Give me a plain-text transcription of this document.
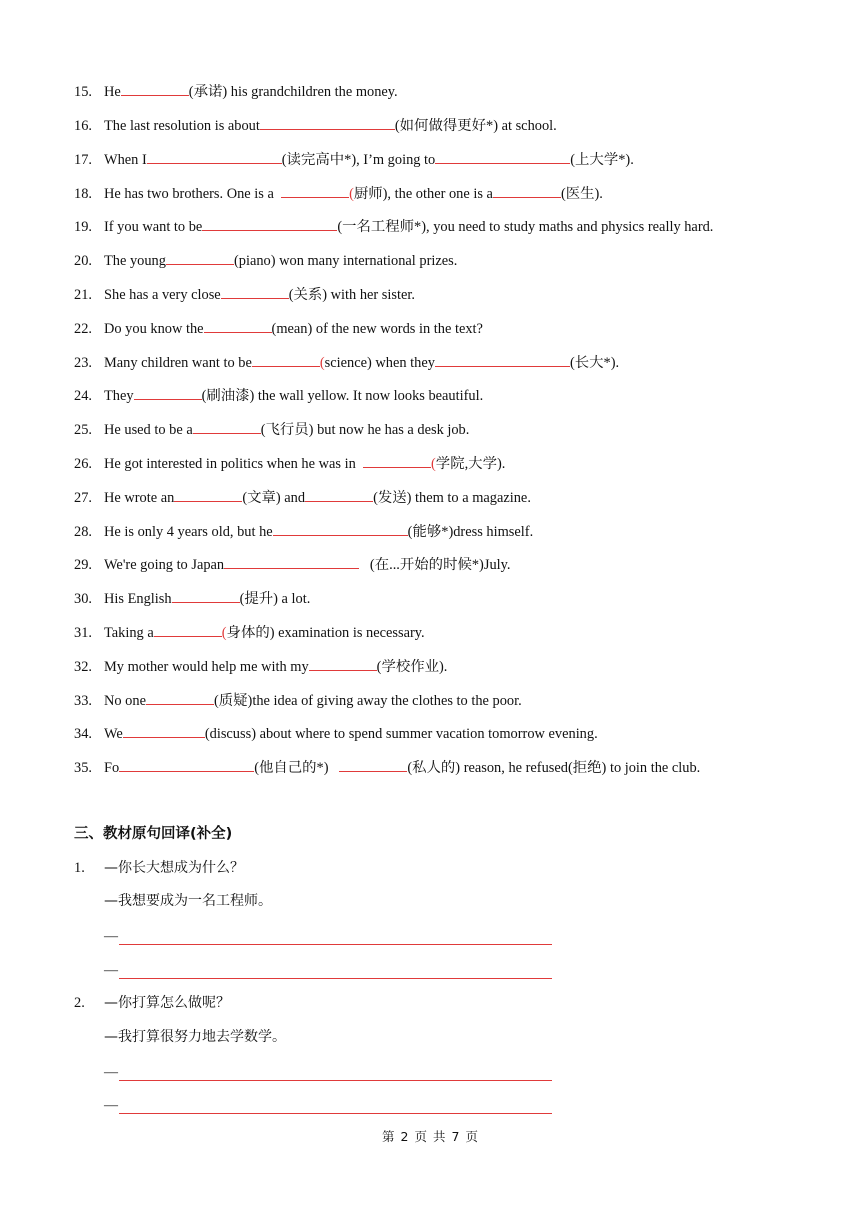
15. He	(承诺) his grandchildren the money.
16. The last resolution is about	(如何做得更好*) at school.
17. When I	(读完高中*), I’m going to	(上大学*).
18. He has two brothers. One is a	(厨师), the other one is a	(医生).
19. If you want to be	(一名工程师*), you need to study maths and physics really hard.
20. The young	(piano) won many international prizes.
21. She has a very close	(关系) with her sister.
22. Do you know the	(mean) of the new words in the text?
23. Many children want to be	(science) when they	(长大*).
24. They	(刷油漆) the wall yellow. It now looks beautiful.
25. He used to be a	(飞行员) but now he has a desk job.
26. He got interested in politics when he was in	(学院,大学).
27. He wrote an	(文章) and	(发送) them to a magazine.
28. He is only 4 years old, but he	(能够*)dress himself.
29. We're going to Japan	(在...开始的时候*)July.
30. His English	(提升) a lot.
31. Taking a	(身体的) examination is necessary.
32. My mother would help me with my	(学校作业).
33. No one	(质疑)the idea of giving away the clothes to the poor.
34. We	(discuss) about where to spend summer vacation tomorrow evening.
35. Fo	(他自己的*)	(私人的) reason, he refused(拒绝) to join the club.
三、教材原句回译(补全)
1. —你长大想成为什么？
—我想要成为一名工程师。
—
—
2. —你打算怎么做呢？
—我打算很努力地去学数学。
—
—
第 2 页 共 7 页
